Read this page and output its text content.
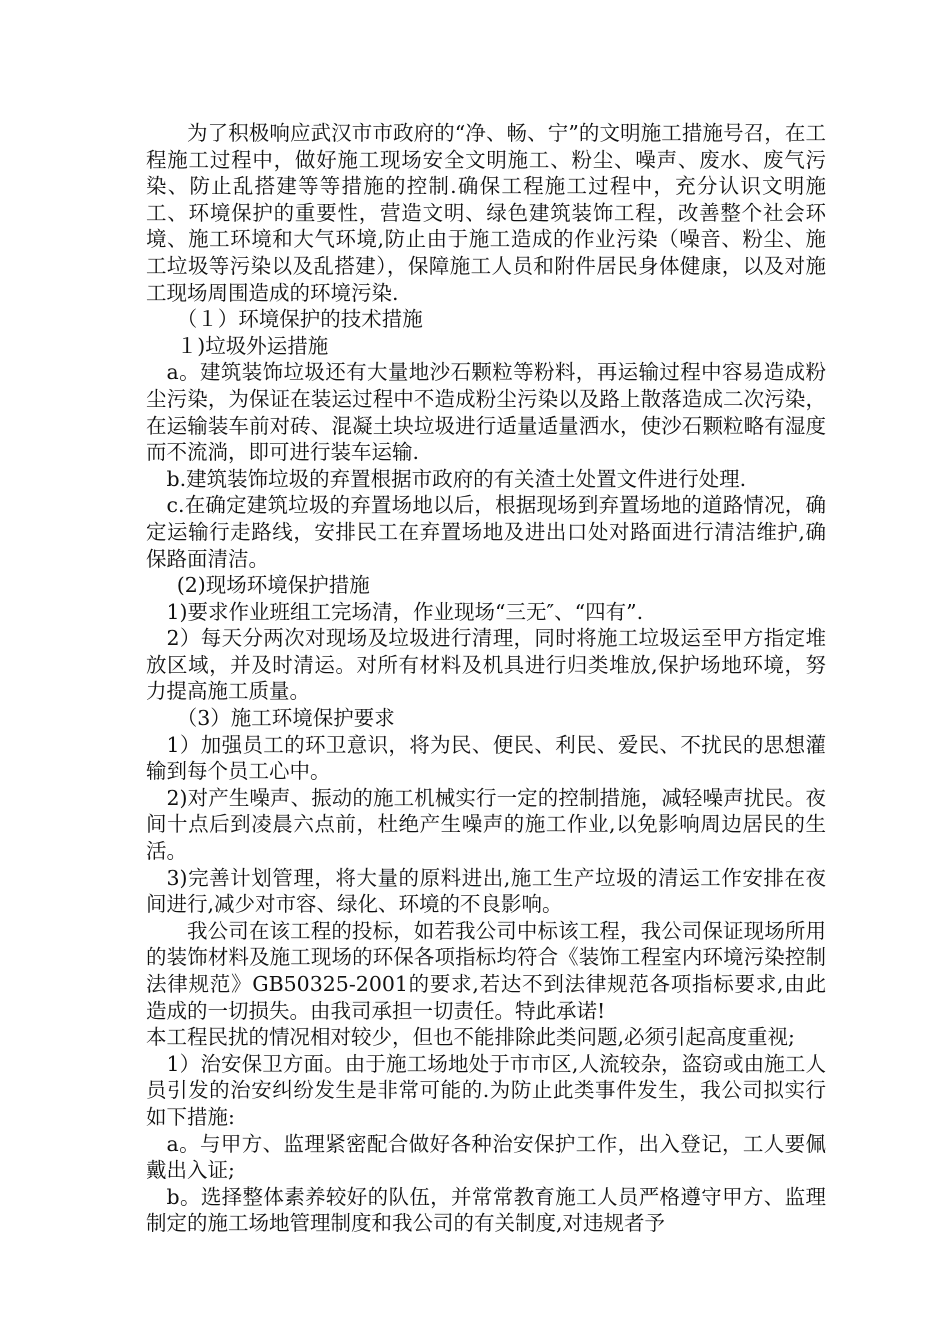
为了积极响应武汉市市政府的“净、畅、宁”的文明施工措施号召，在工程施工过程中，做好施工现场安全文明施工、粉尘、噪声、废水、废气污染、防止乱搭建等等措施的控制.确保工程施工过程中，充分认识文明施工、环境保护的重要性，营造文明、绿色建筑装饰工程，改善整个社会环境、施工环境和大气环境,防止由于施工造成的作业污染（噪音、粉尘、施工垃圾等污染以及乱搭建），保障施工人员和附件居民身体健康，以及对施工现场周围造成的环境污染.

（１）环境保护的技术措施

１)垃圾外运措施

a。建筑装饰垃圾还有大量地沙石颗粒等粉料，再运输过程中容易造成粉尘污染，为保证在装运过程中不造成粉尘污染以及路上散落造成二次污染，在运输装车前对砖、混凝土块垃圾进行适量适量洒水，使沙石颗粒略有湿度而不流淌，即可进行装车运输.

b.建筑装饰垃圾的弃置根据市政府的有关渣土处置文件进行处理.

c.在确定建筑垃圾的弃置场地以后，根据现场到弃置场地的道路情况，确定运输行走路线，安排民工在弃置场地及进出口处对路面进行清洁维护,确保路面清洁。

(2)现场环境保护措施

1)要求作业班组工完场清，作业现场“三无″、“四有”.

2）每天分两次对现场及垃圾进行清理，同时将施工垃圾运至甲方指定堆放区域，并及时清运。对所有材料及机具进行归类堆放,保护场地环境，努力提高施工质量。

（3）施工环境保护要求

1）加强员工的环卫意识，将为民、便民、利民、爱民、不扰民的思想灌输到每个员工心中。

2)对产生噪声、振动的施工机械实行一定的控制措施，减轻噪声扰民。夜间十点后到凌晨六点前，杜绝产生噪声的施工作业,以免影响周边居民的生活。

3)完善计划管理，将大量的原料进出,施工生产垃圾的清运工作安排在夜间进行,减少对市容、绿化、环境的不良影响。

我公司在该工程的投标，如若我公司中标该工程，我公司保证现场所用的装饰材料及施工现场的环保各项指标均符合《装饰工程室内环境污染控制法律规范》GB50325-2001的要求,若达不到法律规范各项指标要求,由此造成的一切损失。由我司承担一切责任。特此承诺!

本工程民扰的情况相对较少，但也不能排除此类问题,必须引起高度重视;

1）治安保卫方面。由于施工场地处于市市区,人流较杂，盗窃或由施工人员引发的治安纠纷发生是非常可能的.为防止此类事件发生，我公司拟实行如下措施:

a。与甲方、监理紧密配合做好各种治安保护工作，出入登记，工人要佩戴出入证;

b。选择整体素养较好的队伍，并常常教育施工人员严格遵守甲方、监理制定的施工场地管理制度和我公司的有关制度,对违规者予
